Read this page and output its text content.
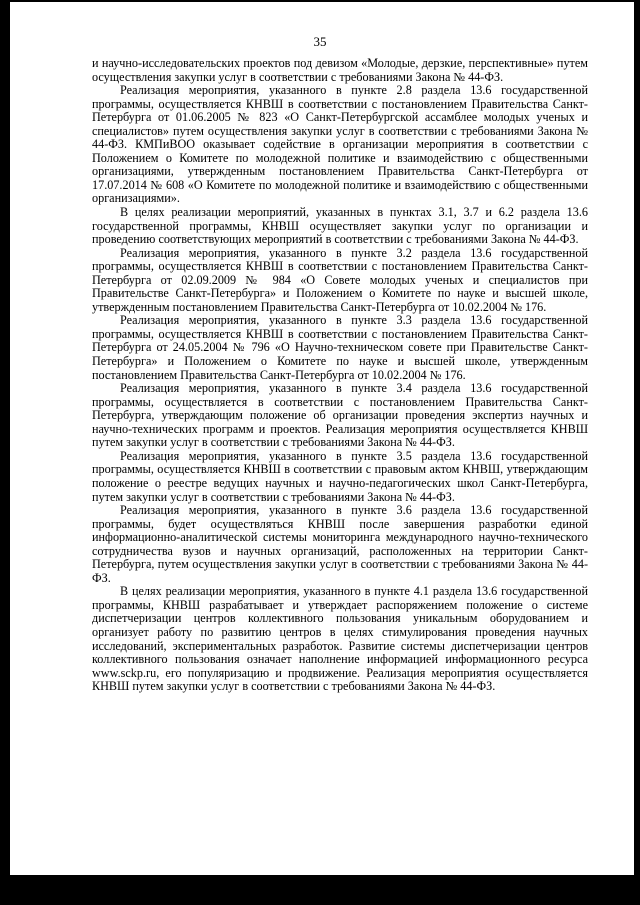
35

и научно-исследовательских проектов под девизом «Молодые, дерзкие, перспективные» путем осуществления закупки услуг в соответствии с требованиями Закона № 44-ФЗ.

Реализация мероприятия, указанного в пункте 2.8 раздела 13.6 государственной программы, осуществляется КНВШ в соответствии с постановлением Правительства Санкт-Петербурга от 01.06.2005 № 823 «О Санкт-Петербургской ассамблее молодых ученых и специалистов» путем осуществления закупки услуг в соответствии с требованиями Закона № 44-ФЗ. КМПиВОО оказывает содействие в организации мероприятия в соответствии с Положением о Комитете по молодежной политике и взаимодействию с общественными организациями, утвержденным постановлением Правительства Санкт-Петербурга от 17.07.2014 № 608 «О Комитете по молодежной политике и взаимодействию с общественными организациями».

В целях реализации мероприятий, указанных в пунктах 3.1, 3.7 и 6.2 раздела 13.6 государственной программы, КНВШ осуществляет закупки услуг по организации и проведению соответствующих мероприятий в соответствии с требованиями Закона № 44-ФЗ.

Реализация мероприятия, указанного в пункте 3.2 раздела 13.6 государственной программы, осуществляется КНВШ в соответствии с постановлением Правительства Санкт-Петербурга от 02.09.2009 № 984 «О Совете молодых ученых и специалистов при Правительстве Санкт-Петербурга» и Положением о Комитете по науке и высшей школе, утвержденным постановлением Правительства Санкт-Петербурга от 10.02.2004 № 176.

Реализация мероприятия, указанного в пункте 3.3 раздела 13.6 государственной программы, осуществляется КНВШ в соответствии с постановлением Правительства Санкт-Петербурга от 24.05.2004 № 796 «О Научно-техническом совете при Правительстве Санкт-Петербурга» и Положением о Комитете по науке и высшей школе, утвержденным постановлением Правительства Санкт-Петербурга от 10.02.2004 № 176.

Реализация мероприятия, указанного в пункте 3.4 раздела 13.6 государственной программы, осуществляется в соответствии с постановлением Правительства Санкт-Петербурга, утверждающим положение об организации проведения экспертиз научных и научно-технических программ и проектов. Реализация мероприятия осуществляется КНВШ путем закупки услуг в соответствии с требованиями Закона № 44-ФЗ.

Реализация мероприятия, указанного в пункте 3.5 раздела 13.6 государственной программы, осуществляется КНВШ в соответствии с правовым актом КНВШ, утверждающим положение о реестре ведущих научных и научно-педагогических школ Санкт-Петербурга, путем закупки услуг в соответствии с требованиями Закона № 44-ФЗ.

Реализация мероприятия, указанного в пункте 3.6 раздела 13.6 государственной программы, будет осуществляться КНВШ после завершения разработки единой информационно-аналитической системы мониторинга международного научно-технического сотрудничества вузов и научных организаций, расположенных на территории Санкт-Петербурга, путем осуществления закупки услуг в соответствии с требованиями Закона № 44-ФЗ.

В целях реализации мероприятия, указанного в пункте 4.1 раздела 13.6 государственной программы, КНВШ разрабатывает и утверждает распоряжением положение о системе диспетчеризации центров коллективного пользования уникальным оборудованием и организует работу по развитию центров в целях стимулирования проведения научных исследований, экспериментальных разработок. Развитие системы диспетчеризации центров коллективного пользования означает наполнение информацией информационного ресурса www.sckp.ru, его популяризацию и продвижение. Реализация мероприятия осуществляется КНВШ путем закупки услуг в соответствии с требованиями Закона № 44-ФЗ.
